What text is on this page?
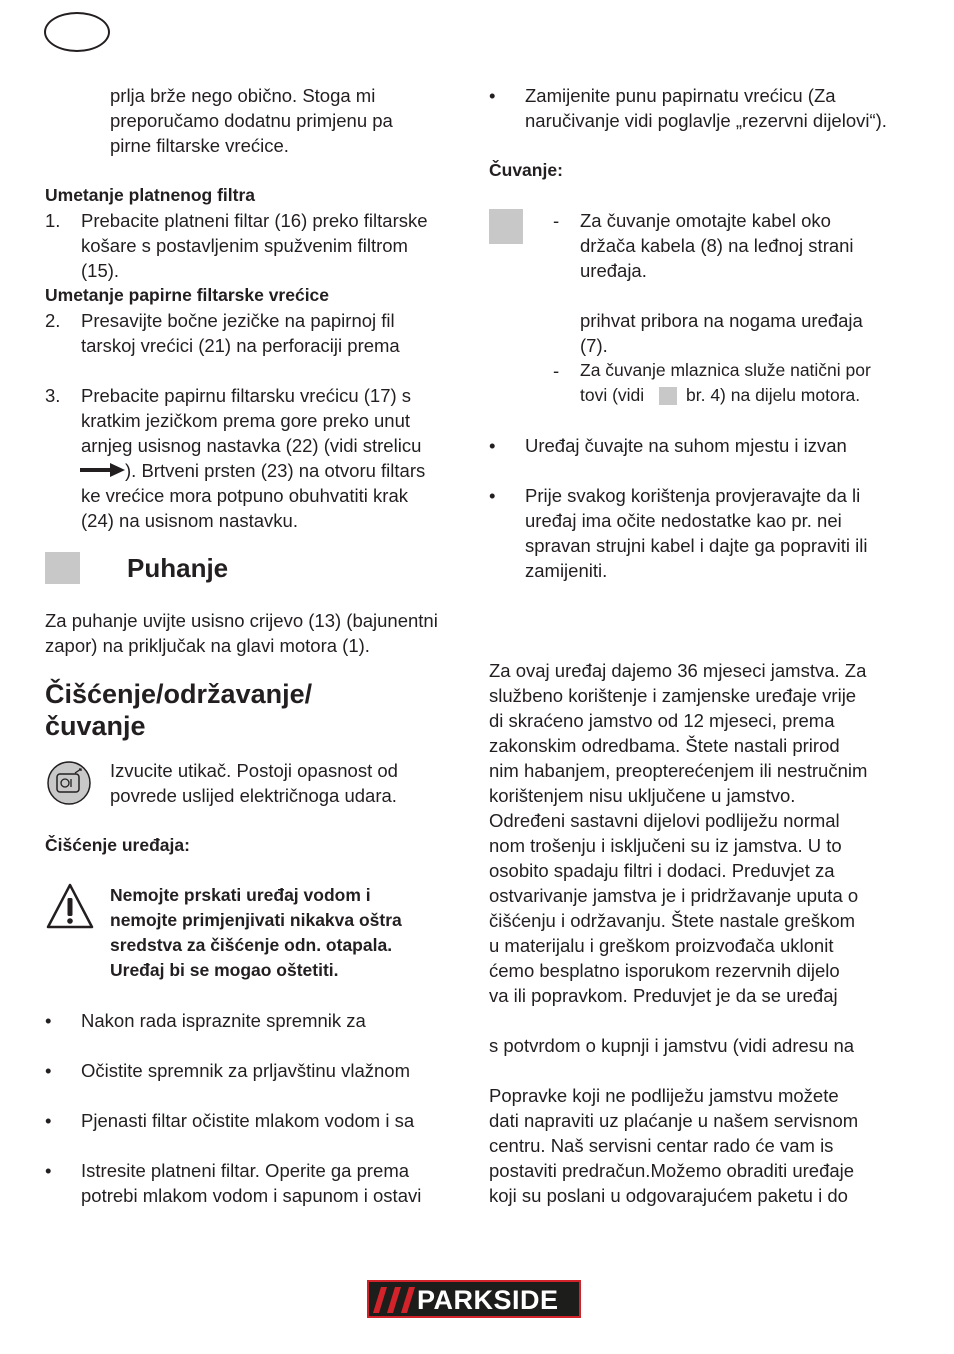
prlja brže nego obično. Stoga mi
preporučamo dodatnu primjenu pa
pirne filtarske vrećice.
Umetanje platnenog filtra
1. Prebacite platneni filtar (16) preko filtarske
košare s postavljenim spužvenim filtrom
(15).
Umetanje papirne filtarske vrećice
2. Presavijte bočne jezičke na papirnoj fil
tarskoj vrećici (21) na perforaciji prema
3. Prebacite papirnu filtarsku vrećicu (17) s
kratkim jezičkom prema gore preko unut
arnjeg usisnog nastavka (22) (vidi strelicu
). Brtveni prsten (23) na otvoru filtars
ke vrećice mora potpuno obuhvatiti krak
(24) na usisnom nastavku.
Puhanje
Za puhanje uvijte usisno crijevo (13) (bajunentni
zapor) na priključak na glavi motora (1).
Čišćenje/održavanje/
čuvanje
Izvucite utikač. Postoji opasnost od
povrede uslijed električnoga udara.
Čišćenje uređaja:
Nemojte prskati uređaj vodom i
nemojte primjenjivati nikakva oštra
sredstva za čišćenje odn. otapala.
Uređaj bi se mogao oštetiti.
• Nakon rada ispraznite spremnik za
• Očistite spremnik za prljavštinu vlažnom
• Pjenasti filtar očistite mlakom vodom i sa
• Istresite platneni filtar. Operite ga prema
potrebi mlakom vodom i sapunom i ostavi
• Zamijenite punu papirnatu vrećicu (Za
naručivanje vidi poglavlje „rezervni dijelovi“).
Čuvanje:
- Za čuvanje omotajte kabel oko
držača kabela (8) na leđnoj strani
uređaja.
prihvat pribora na nogama uređaja
(7).
- Za čuvanje mlaznica služe natični por
tovi (vidi br. 4) na dijelu motora.
• Uređaj čuvajte na suhom mjestu i izvan
• Prije svakog korištenja provjeravajte da li
uređaj ima očite nedostatke kao pr. nei
spravan strujni kabel i dajte ga popraviti ili
zamijeniti.
Za ovaj uređaj dajemo 36 mjeseci jamstva. Za
službeno korištenje i zamjenske uređaje vrije
di skraćeno jamstvo od 12 mjeseci, prema
zakonskim odredbama. Štete nastali prirod
nim habanjem, preopterećenjem ili nestručnim
korištenjem nisu uključene u jamstvo.
Određeni sastavni dijelovi podliježu normal
nom trošenju i isključeni su iz jamstva. U to
osobito spadaju filtri i dodaci. Preduvjet za
ostvarivanje jamstva je i pridržavanje uputa o
čišćenju i održavanju. Štete nastale greškom
u materijalu i greškom proizvođača uklonit
ćemo besplatno isporukom rezervnih dijelo
va ili popravkom. Preduvjet je da se uređaj
s potvrdom o kupnji i jamstvu (vidi adresu na
Popravke koji ne podliježu jamstvu možete
dati napraviti uz plaćanje u našem servisnom
centru. Naš servisni centar rado će vam is
postaviti predračun.Možemo obraditi uređaje
koji su poslani u odgovarajućem paketu i do
PARKSIDE
